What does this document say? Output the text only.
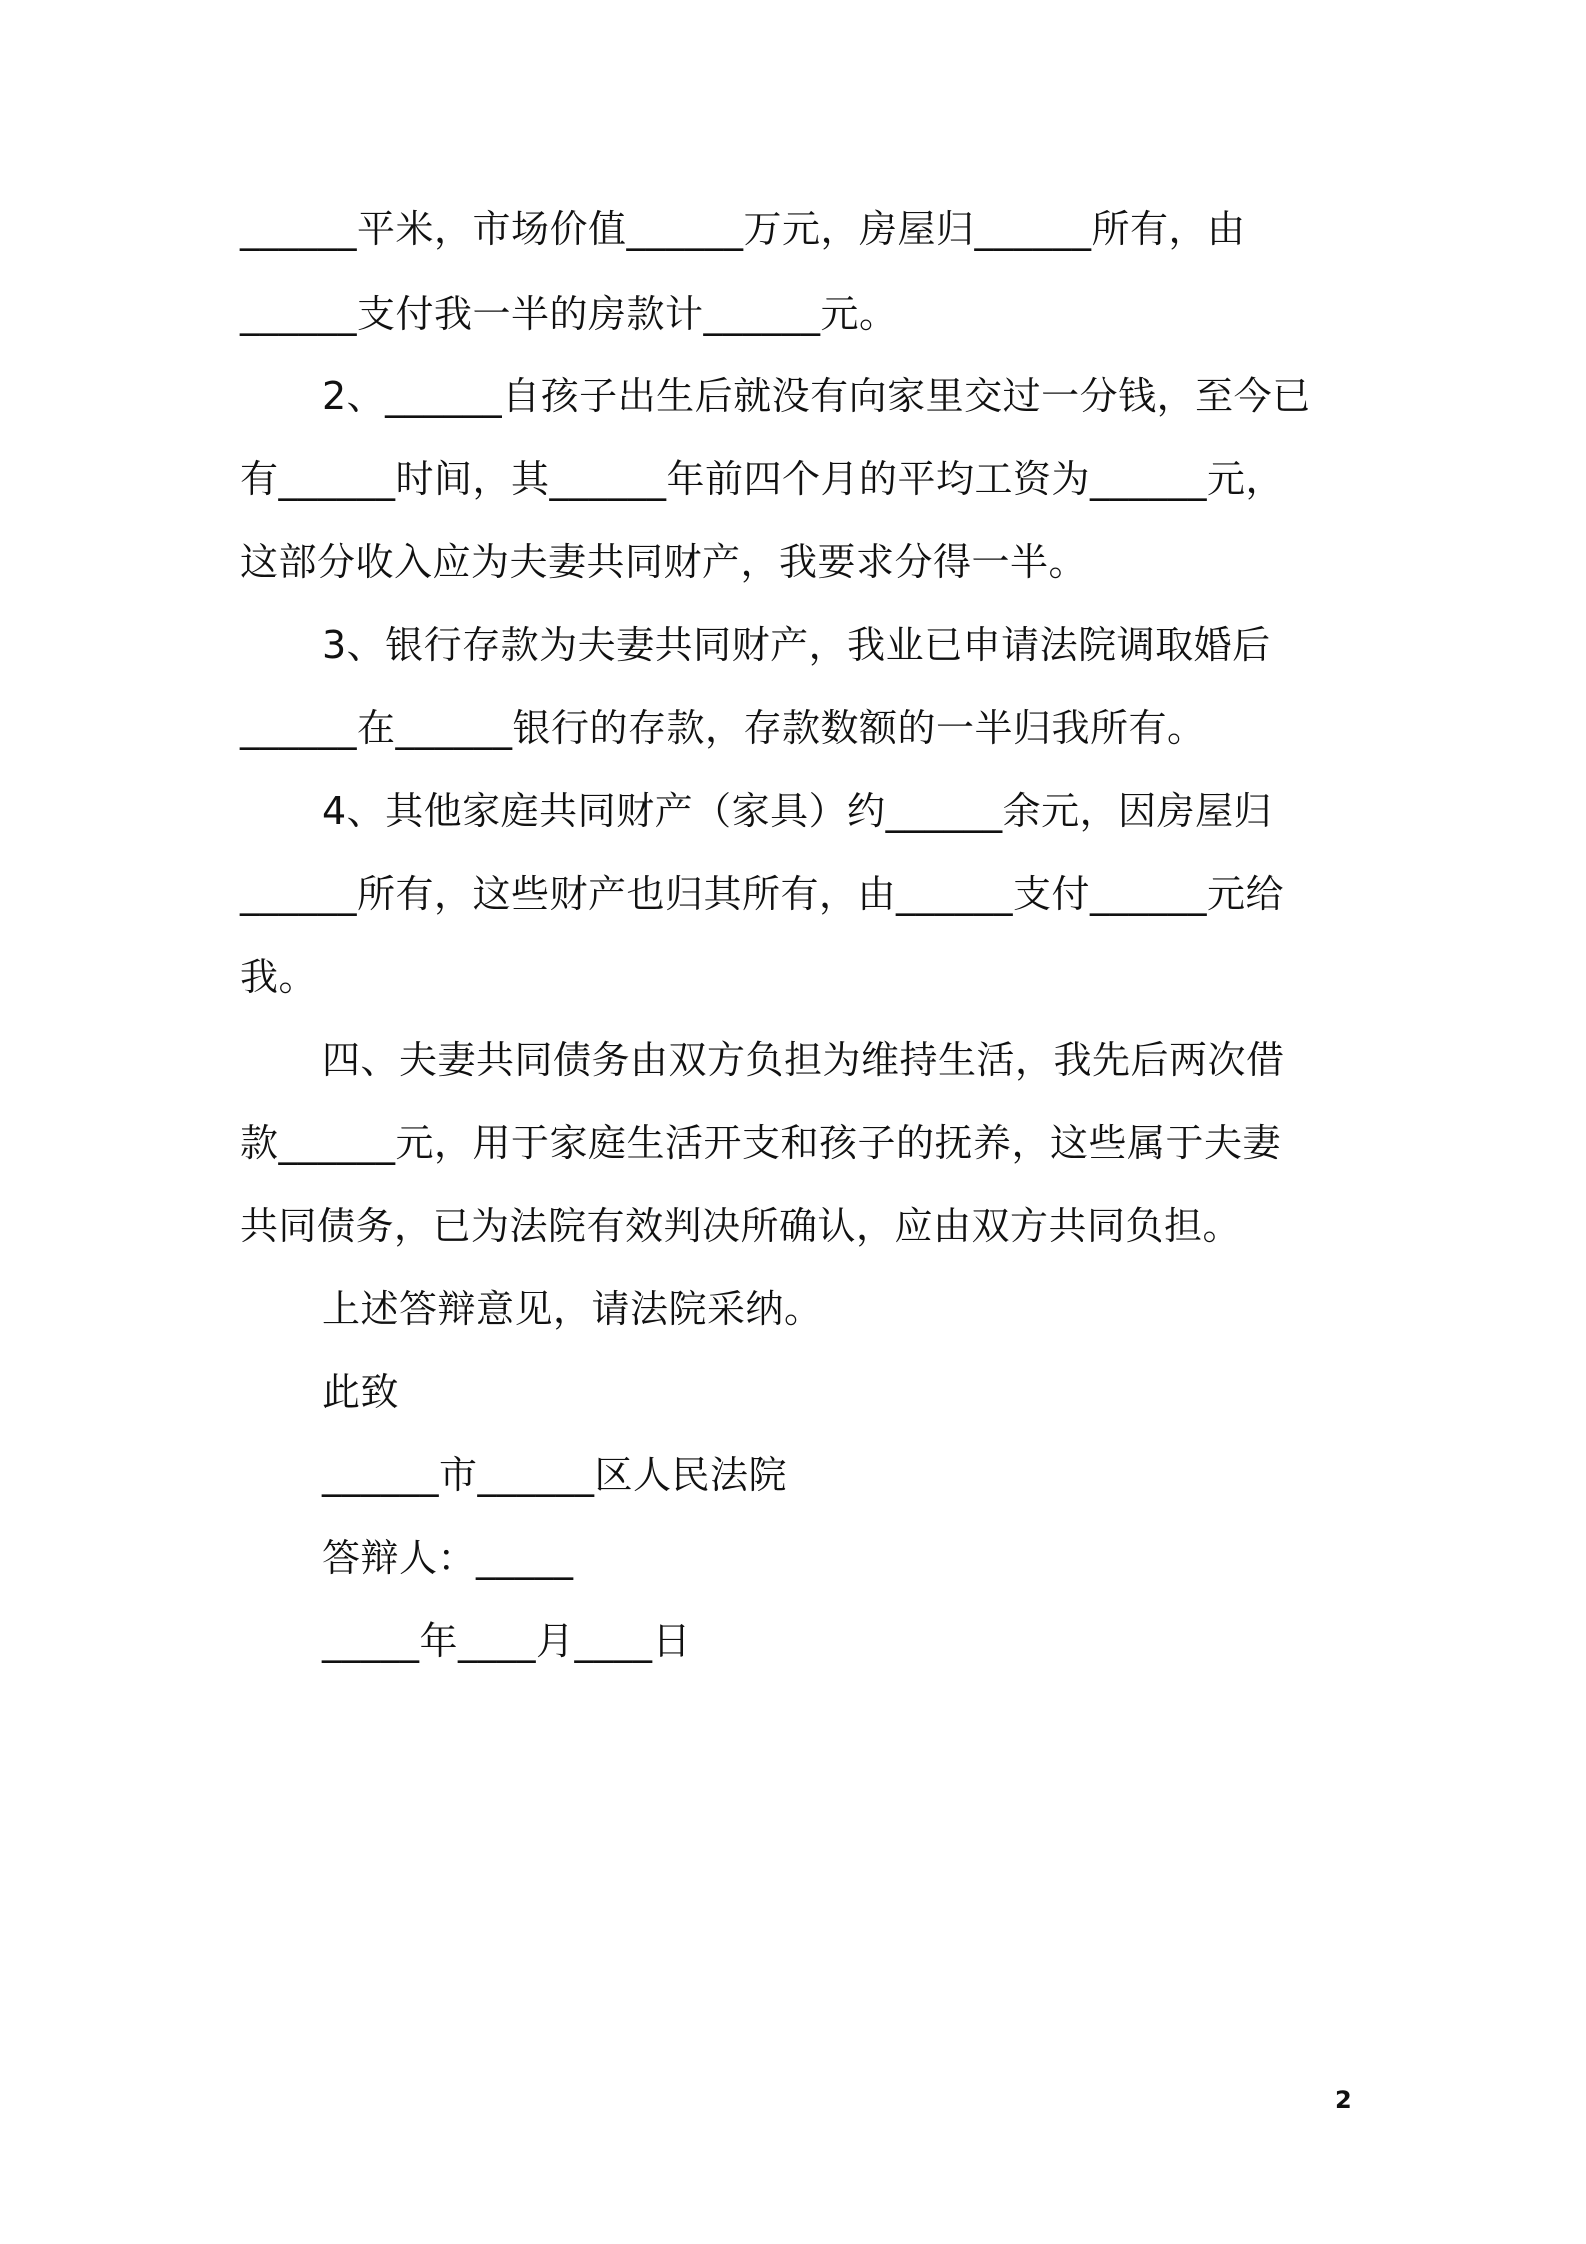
______平米，市场价值______万元，房屋归______所有，由
______支付我一半的房款计______元。
2、______自孩子出生后就没有向家里交过一分钱，至今已
有______时间，其______年前四个月的平均工资为______元，
这部分收入应为夫妻共同财产，我要求分得一半。
3、银行存款为夫妻共同财产，我业已申请法院调取婚后
______在______银行的存款，存款数额的一半归我所有。
4、其他家庭共同财产（家具）约______余元，因房屋归
______所有，这些财产也归其所有，由______支付______元给
我。
四、夫妻共同债务由双方负担为维持生活，我先后两次借
款______元，用于家庭生活开支和孩子的抚养，这些属于夫妻
共同债务，已为法院有效判决所确认，应由双方共同负担。
上述答辩意见，请法院采纳。
此致
______市______区人民法院
答辩人：_____
_____年____月____日
2
